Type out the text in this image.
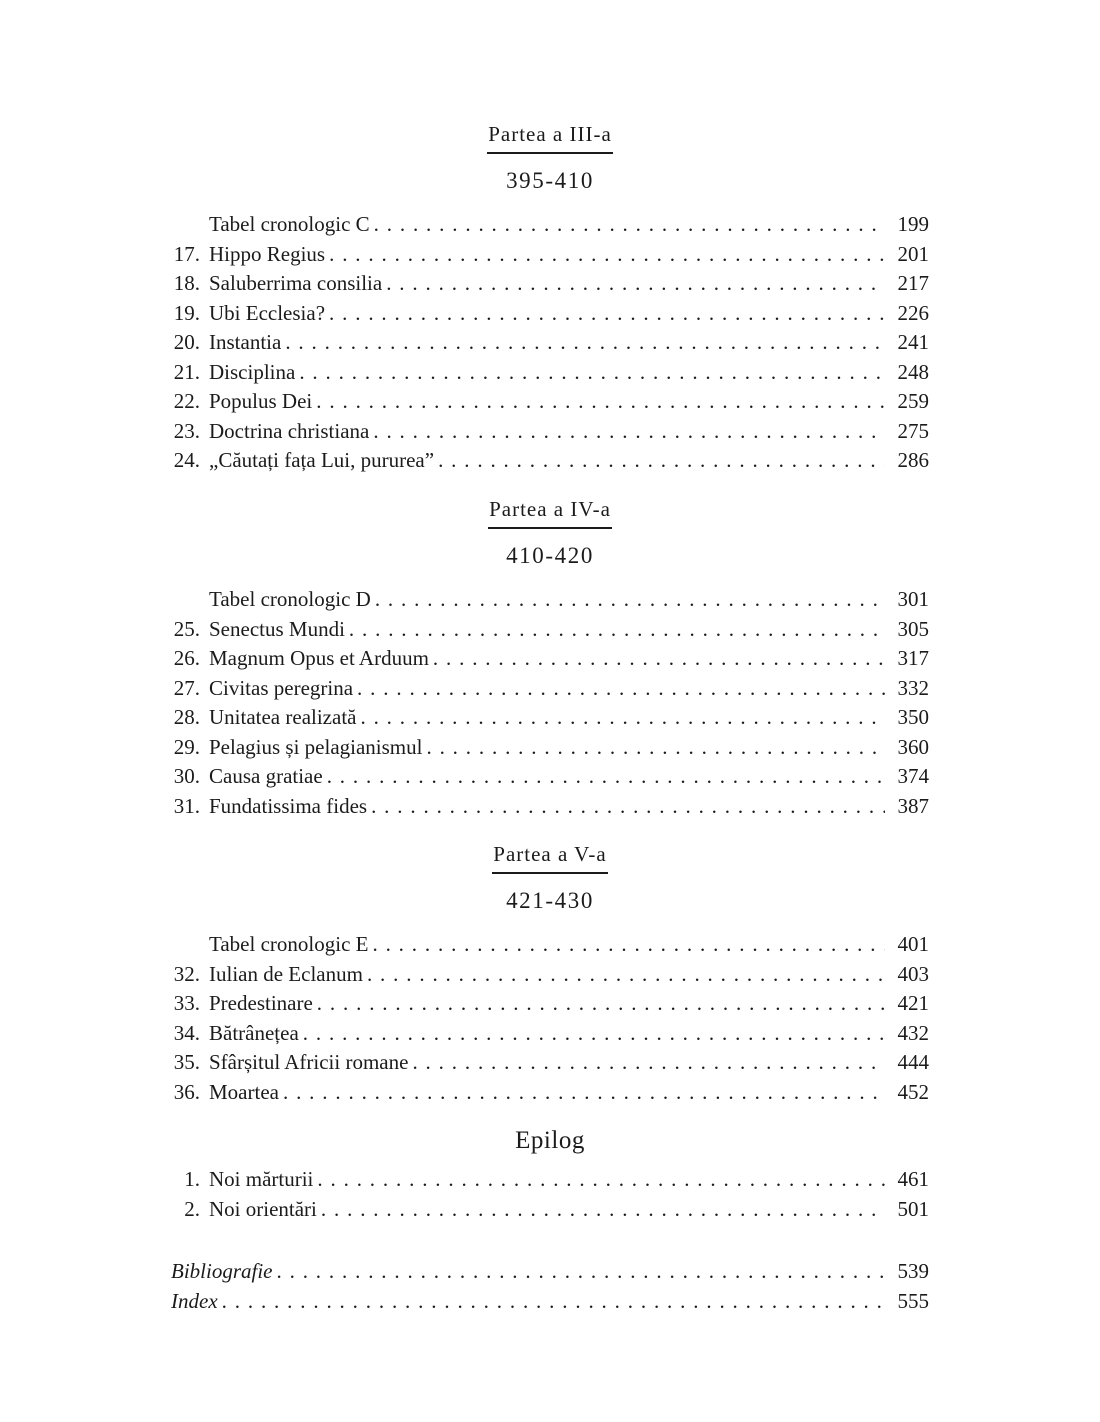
Partea a III-a
395-410
Tabel cronologic C . . .	199
17. Hippo Regius . . .	201
18. Saluberrima consilia . . .	217
19. Ubi Ecclesia? . . .	226
20. Instantia . . .	241
21. Disciplina . . .	248
22. Populus Dei . . .	259
23. Doctrina christiana . . .	275
24. „Căutați fața Lui, pururea” . . .	286
Partea a IV-a
410-420
Tabel cronologic D . . .	301
25. Senectus Mundi . . .	305
26. Magnum Opus et Arduum . . .	317
27. Civitas peregrina . . .	332
28. Unitatea realizată . . .	350
29. Pelagius și pelagianismul . . .	360
30. Causa gratiae . . .	374
31. Fundatissima fides . . .	387
Partea a V-a
421-430
Tabel cronologic E . . .	401
32. Iulian de Eclanum . . .	403
33. Predestinare . . .	421
34. Bătrânețea . . .	432
35. Sfârșitul Africii romane . . .	444
36. Moartea . . .	452
Epilog
1. Noi mărturii . . .	461
2. Noi orientări . . .	501
Bibliografie . . .	539
Index . . .	555
